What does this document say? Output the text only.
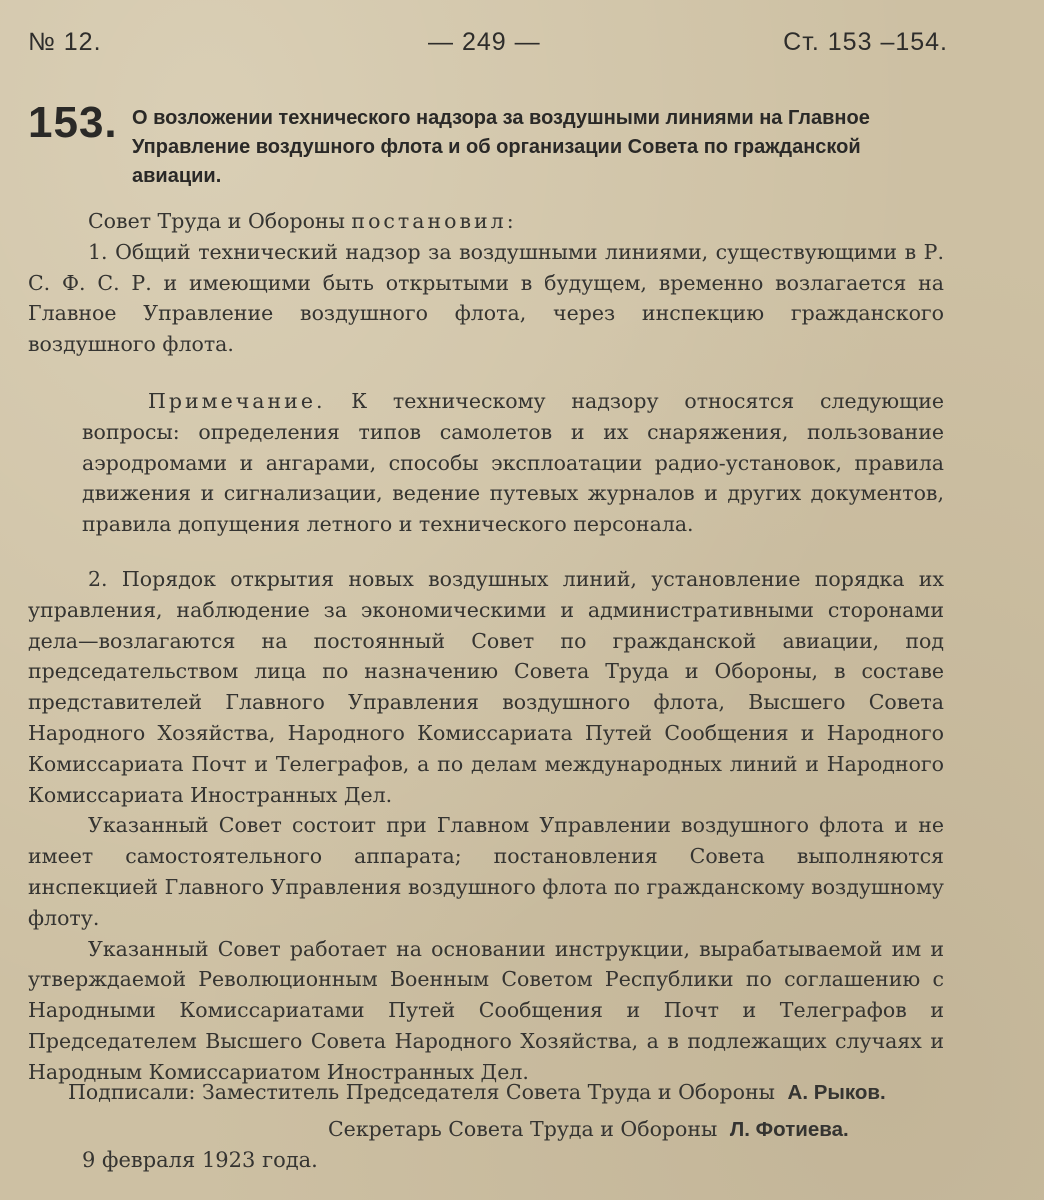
№ 12.	— 249 —	Ст. 153 –154.
153. О возложении технического надзора за воздушными линиями на Главное Управление воздушного флота и об организации Совета по гражданской авиации.

Совет Труда и Обороны постановил:

1. Общий технический надзор за воздушными линиями, существующими в Р. С. Ф. С. Р. и имеющими быть открытыми в будущем, временно возлагается на Главное Управление воздушного флота, через инспекцию гражданского воздушного флота.

Примечание. К техническому надзору относятся следующие вопросы: определения типов самолетов и их снаряжения, пользование аэродромами и ангарами, способы эксплоатации радио-установок, правила движения и сигнализации, ведение путевых журналов и других документов, правила допущения летного и технического персонала.

2. Порядок открытия новых воздушных линий, установление порядка их управления, наблюдение за экономическими и административными сторонами дела—возлагаются на постоянный Совет по гражданской авиации, под председательством лица по назначению Совета Труда и Обороны, в составе представителей Главного Управления воздушного флота, Высшего Совета Народного Хозяйства, Народного Комиссариата Путей Сообщения и Народного Комиссариата Почт и Телеграфов, а по делам международных линий и Народного Комиссариата Иностранных Дел.

Указанный Совет состоит при Главном Управлении воздушного флота и не имеет самостоятельного аппарата; постановления Совета выполняются инспекцией Главного Управления воздушного флота по гражданскому воздушному флоту.

Указанный Совет работает на основании инструкции, вырабатываемой им и утверждаемой Революционным Военным Советом Республики по соглашению с Народными Комиссариатами Путей Сообщения и Почт и Телеграфов и Председателем Высшего Совета Народного Хозяйства, а в подлежащих случаях и Народным Комиссариатом Иностранных Дел.

Подписали: Заместитель Председателя Совета Труда и Обороны А. Рыков.
Секретарь Совета Труда и Обороны Л. Фотиева.
9 февраля 1923 года.
